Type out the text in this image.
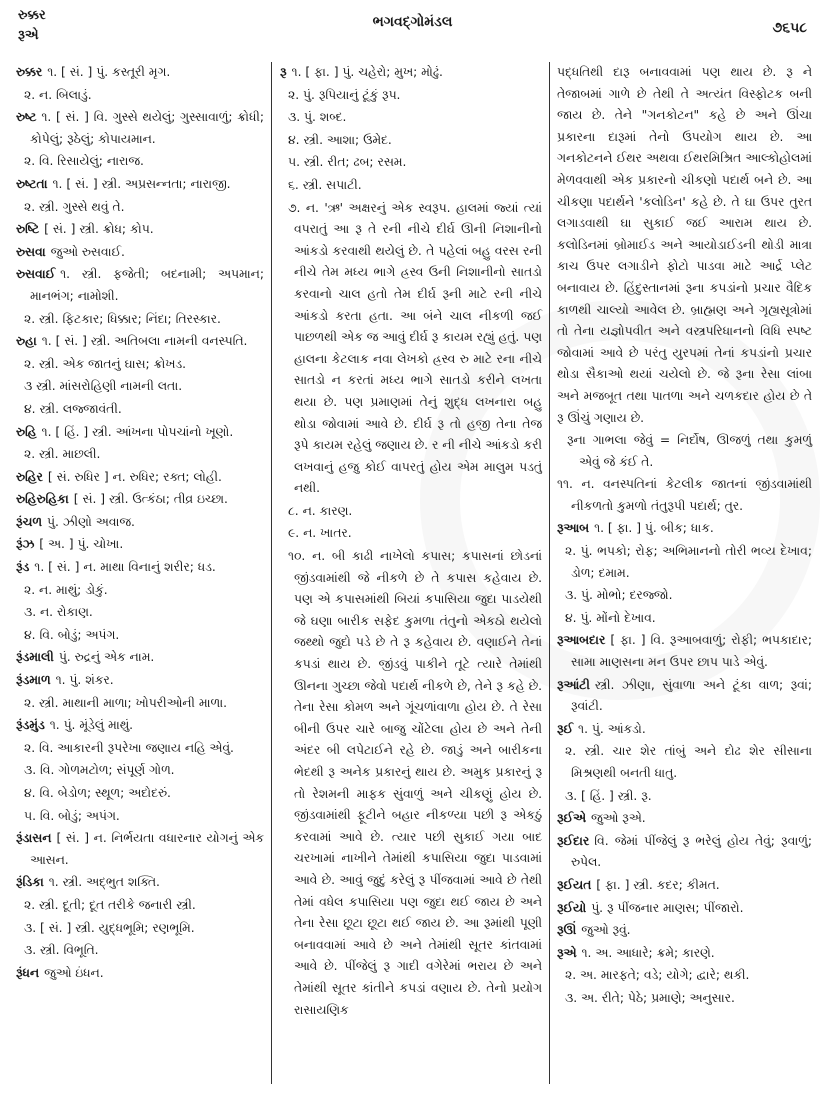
રુક્કર
રૂએ
ભગવદ્ગોમંડલ	૭૬૫૮
રુક્કર ૧. [ સં. ] પું. કસ્તૂરી મૃગ.
૨. ન. બિલાડું.
રુષ્ટ ૧. [ સં. ] વિ. ગુસ્સે થયેલું; ગુસ્સાવાળું; ક્રોધી; કોપેલું; રૂઠેલું; કોપાયમાન.
૨. વિ. રિસાયેલું; નારાજ.
રુષ્ટતા ૧. [ સં. ] સ્ત્રી. અપ્રસન્નતા; નારાજી.
૨. સ્ત્રી. ગુસ્સે થવું તે.
રુષ્ટિ [ સં. ] સ્ત્રી. ક્રોધ; કોપ.
રુસવા જુઓ રુસવાઈ.
રુસવાઈ ૧. સ્ત્રી. ફજેતી; બદનામી; અપમાન; માનભંગ; નામોશી.
૨. સ્ત્રી. ફિટકાર; ધિક્કાર; નિંદા; તિરસ્કાર.
રુહા ૧. [ સં. ] સ્ત્રી. અતિબલા નામની વનસ્પતિ.
૨. સ્ત્રી. એક જાતનું ઘાસ; ક્રોખડ.
૩ સ્ત્રી. માંસરોહિણી નામની લતા.
૪. સ્ત્રી. લજ્જાવંતી.
રુહિ ૧. [ હિં. ] સ્ત્રી. આંખના પોપચાંનો ખૂણો.
૨. સ્ત્રી. માછલી.
રુહિર [ સં. રુધિર ] ન. રુધિર; રક્ત; લોહી.
રુહિરુહિકા [ સં. ] સ્ત્રી. ઉત્કંઠા; તીવ્ર ઇચ્છા.
રૂંચળ પું. ઝીણો અવાજ.
રૂંઝ [ અ. ] પું. ચોખા.
રૂંડ ૧. [ સં. ] ન. માથા વિનાનું શરીર; ધડ.
૨. ન. માથું; ડોકું.
૩. ન. રોકાણ.
૪. વિ. બોડું; અપંગ.
રૂંડમાલી પું. રુદ્રનું એક નામ.
રૂંડમાળ ૧. પું. શંકર.
૨. સ્ત્રી. માથાની માળા; ખોપરીઓની માળા.
રૂંડમુંડ ૧. પું. મૂંડેલું માથું.
૨. વિ. આકારની રૂપરેખા જણાય નહિ એવું.
૩. વિ. ગોળમટોળ; સંપૂર્ણ ગોળ.
૪. વિ. બેડોળ; સ્થૂળ; અદોદરું.
૫. વિ. બોડું; અપંગ.
રૂંડાસન [ સં. ] ન. નિર્ભયતા વધારનાર યોગનું એક આસન.
રૂંડિકા ૧. સ્ત્રી. અદ્ભુત શક્તિ.
૨. સ્ત્રી. દૂતી; દૂત તરીકે જનારી સ્ત્રી.
૩. [ સં. ] સ્ત્રી. યુદ્ધભૂમિ; રણભૂમિ.
૩. સ્ત્રી. વિભૂતિ.
રૂંધન જુઓ ઇંધન.
રૂ ૧. [ ફા. ] પું. ચહેરો; મુખ; મોઢું.
૨. પું. રૂપિયાનું ટૂંકું રૂપ.
૩. પું. શબ્દ.
૪. સ્ત્રી. આશા; ઉમેદ.
૫. સ્ત્રી. રીત; ઢબ; રસમ.
૬. સ્ત્રી. સપાટી.
૭. ન. 'ઋ' અક્ષરનું એક સ્વરૂપ. હાલમાં જ્યાં ત્યાં વપરાતું આ રૂ તે રની નીચે દીર્ઘ ઊની નિશાનીનો આંકડો કરવાથી થયેલું છે. તે પહેલાં બહુ વરસ રની નીચે તેમ મધ્ય ભાગે હ્રસ્વ ઉની નિશાનીનો સાતડો કરવાનો ચાલ હતો તેમ દીર્ઘ રૂની માટે રની નીચે આંકડો કરતા હતા. આ બંને ચાલ નીકળી જઈ પાછળથી એક જ આવું દીર્ઘ રૂ કાયમ રહ્યું હતું. પણ હાલના કેટલાક નવા લેખકો હ્રસ્વ રુ માટે રના નીચે સાતડો ન કરતાં મધ્ય ભાગે સાતડો કરીને લખતા થયા છે. પણ પ્રમાણમાં તેનું શુદ્ધ લખનારા બહુ થોડા જોવામાં આવે છે. દીર્ઘ રૂ તો હજી તેના તેજ રૂપે કાયમ રહેલું જણાય છે. ર ની નીચે આંકડો કરી લખવાનું હજુ કોઈ વાપરતું હોય એમ માલુમ પડતું નથી.
૮. ન. કારણ.
૯. ન. ખાતર.
૧૦. ન. બી કાઢી નાખેલો કપાસ; કપાસનાં છોડનાં જીંડવામાંથી જે નીકળે છે તે કપાસ કહેવાય છે. પણ એ કપાસમાંથી બિયાં કપાસિયા જુદા પાડયેથી જે ઘણા બારીક સફેદ કુમળા તંતુનો એકઠો થયેલો જથ્થો જુદો પડે છે તે રૂ કહેવાય છે. વણાઈને તેનાં કપડાં થાય છે. જીંડવું પાકીને તૂટે ત્યારે તેમાંથી ઊનના ગુચ્છા જેવો પદાર્થ નીકળે છે, તેને રૂ કહે છે. તેના રેસા કોમળ અને ગૂંચળાંવાળા હોય છે. તે રેસા બીની ઉપર ચારે બાજુ ચોંટેલા હોય છે અને તેની અંદર બી લપેટાઈને રહે છે. જાડું અને બારીકના ભેદથી રૂ અનેક પ્રકારનું થાય છે. અમુક પ્રકારનું રૂ તો રેશમની માફક સુંવાળું અને ચીકણું હોય છે. જીંડવામાંથી ફૂટીને બહાર નીકળ્યા પછી રૂ એકઠું કરવામાં આવે છે. ત્યાર પછી સુકાઈ ગયા બાદ ચરખામાં નાખીને તેમાંથી કપાસિયા જુદા પાડવામાં આવે છે. આવું જુદું કરેલું રૂ પીંજવામાં આવે છે તેથી તેમાં વધેલ કપાસિયા પણ જુદા થઈ જાય છે અને તેના રેસા છૂટા છૂટા થઈ જાય છે. આ રૂમાંથી પૂણી બનાવવામાં આવે છે અને તેમાંથી સૂતર કાંતવામાં આવે છે. પીંજેલું રૂ ગાદી વગેરેમાં ભરાય છે અને તેમાંથી સૂતર કાંતીને કપડાં વણાય છે. તેનો પ્રયોગ રાસાયણિક
પદ્ધતિથી દારૂ બનાવવામાં પણ થાય છે. રૂ ને તેજાબમાં ગાળે છે તેથી તે અત્યંત વિસ્ફોટક બની જાય છે. તેને "ગનકોટન" કહે છે અને ઊંચા પ્રકારના દારૂમાં તેનો ઉપયોગ થાય છે. આ ગનકોટનને ઈથર અથવા ઈથરમિશ્રિત આલ્કોહોલમાં મેળવવાથી એક પ્રકારનો ચીકણો પદાર્થ બને છે. આ ચીકણા પદાર્થને 'કલોડિન' કહે છે. તે ઘા ઉપર તુરત લગાડવાથી ઘા સુકાઈ જઈ આરામ થાય છે. કલોડિનમાં બ્રોમાઈડ અને આયોડાઈડની થોડી માત્રા કાચ ઉપર લગાડીને ફોટો પાડવા માટે આર્દ્ર પ્લેટ બનાવાય છે. હિંદુસ્તાનમાં રૂના કપડાંનો પ્રચાર વૈદિક કાળથી ચાલ્યો આવેલ છે. બ્રાહ્મણ અને ગૃહ્યસૂત્રોમાં તો તેના યજ્ઞોપવીત અને વસ્ત્રપરિધાનનો વિધિ સ્પષ્ટ જોવામાં આવે છે પરંતુ યુરપમાં તેનાં કપડાંનો પ્રચાર થોડા સૈકાઓ થયાં ચયેલો છે. જે રૂના રેસા લાંબા અને મજબૂત તથા પાતળા અને ચળકદાર હોય છે તે રૂ ઊંચું ગણાય છે.
રૂના ગાભલા જેવું = નિર્દોષ, ઊજળું તથા કુમળું એવું જે કંઈ તે.
૧૧. ન. વનસ્પતિનાં કેટલીક જાતનાં જીંડવામાંથી નીકળતો કુમળો તંતુરૂપી પદાર્થ; તુર.
રૂઆબ ૧. [ ફા. ] પું. બીક; ધાક.
૨. પું. ભપકો; રોફ; અભિમાનનો તોરી ભવ્ય દેખાવ; ડોળ; દમામ.
૩. પું. મોભો; દરજ્જો.
૪. પું. મોંનો દેખાવ.
રૂઆબદાર [ ફા. ] વિ. રૂઆબવાળું; રોફી; ભપકાદાર; સામા માણસના મન ઉપર છાપ પાડે એવું.
રૂઆંટી સ્ત્રી. ઝીણા, સુંવાળા અને ટૂંકા વાળ; રૂવાં; રૂવાંટી.
રૂઈ ૧. પું. આંકડો.
૨. સ્ત્રી. ચાર શેર તાંબું અને દોઢ શેર સીસાના મિશ્રણથી બનતી ધાતુ.
૩. [ હિં. ] સ્ત્રી. રૂ.
રૂઈએ જુઓ રૂએ.
રૂઈદાર વિ. જેમાં પીંજેલું રૂ ભરેલું હોય તેવું; રૂવાળું; રુપેલ.
રૂઈયત [ ફા. ] સ્ત્રી. કદર; કીમત.
રૂઈયો પું. રૂ પીંજનાર માણસ; પીંજારો.
રૂઊં જુઓ રૂવું.
રૂએ ૧. અ. આધારે; ક્રમે; કારણે.
૨. અ. મારફતે; વડે; યોગે; દ્વારે; થકી.
૩. અ. રીતે; પેઠે; પ્રમાણે; અનુસાર.
